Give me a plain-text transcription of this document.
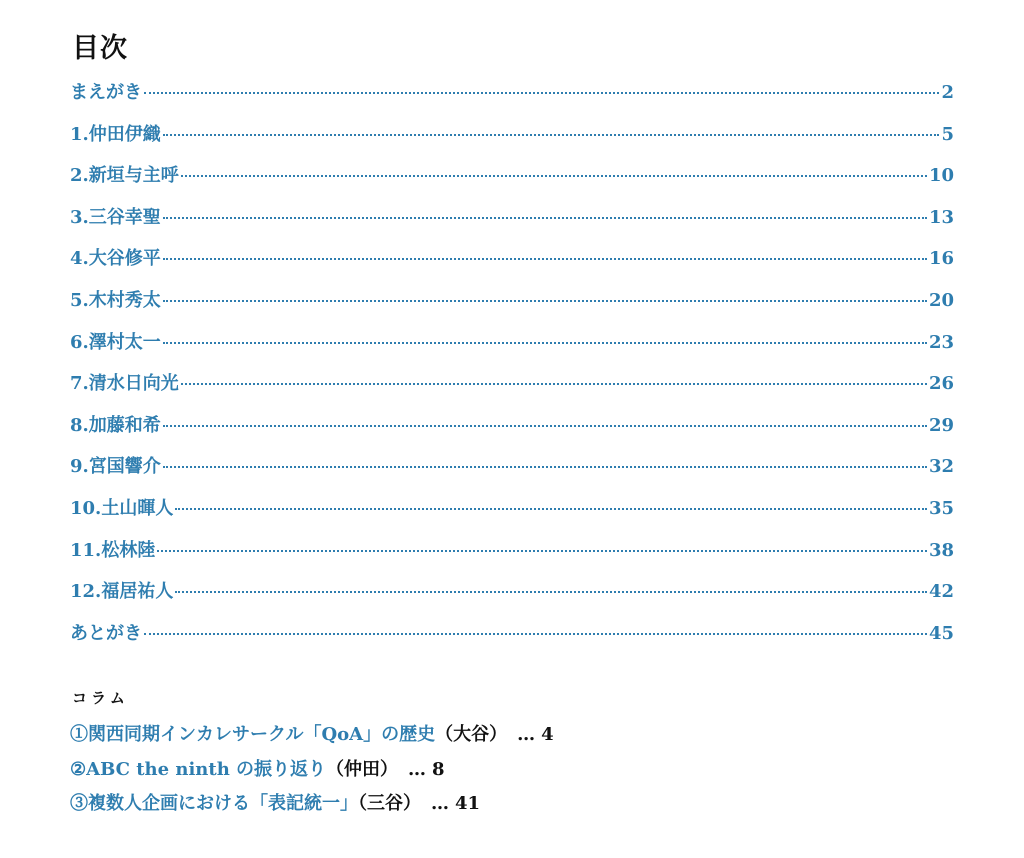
目次
まえがき	2
1.仲田伊織	5
2.新垣与主呼	10
3.三谷幸聖	13
4.大谷修平	16
5.木村秀太	20
6.澤村太一	23
7.清水日向光	26
8.加藤和希	29
9.宮国響介	32
10.土山暉人	35
11.松林陸	38
12.福居祐人	42
あとがき	45
コラム
①関西同期インカレサークル「QoA」の歴史（大谷） … 4
②ABC the ninth の振り返り（仲田） … 8
③複数人企画における「表記統一」（三谷） … 41
